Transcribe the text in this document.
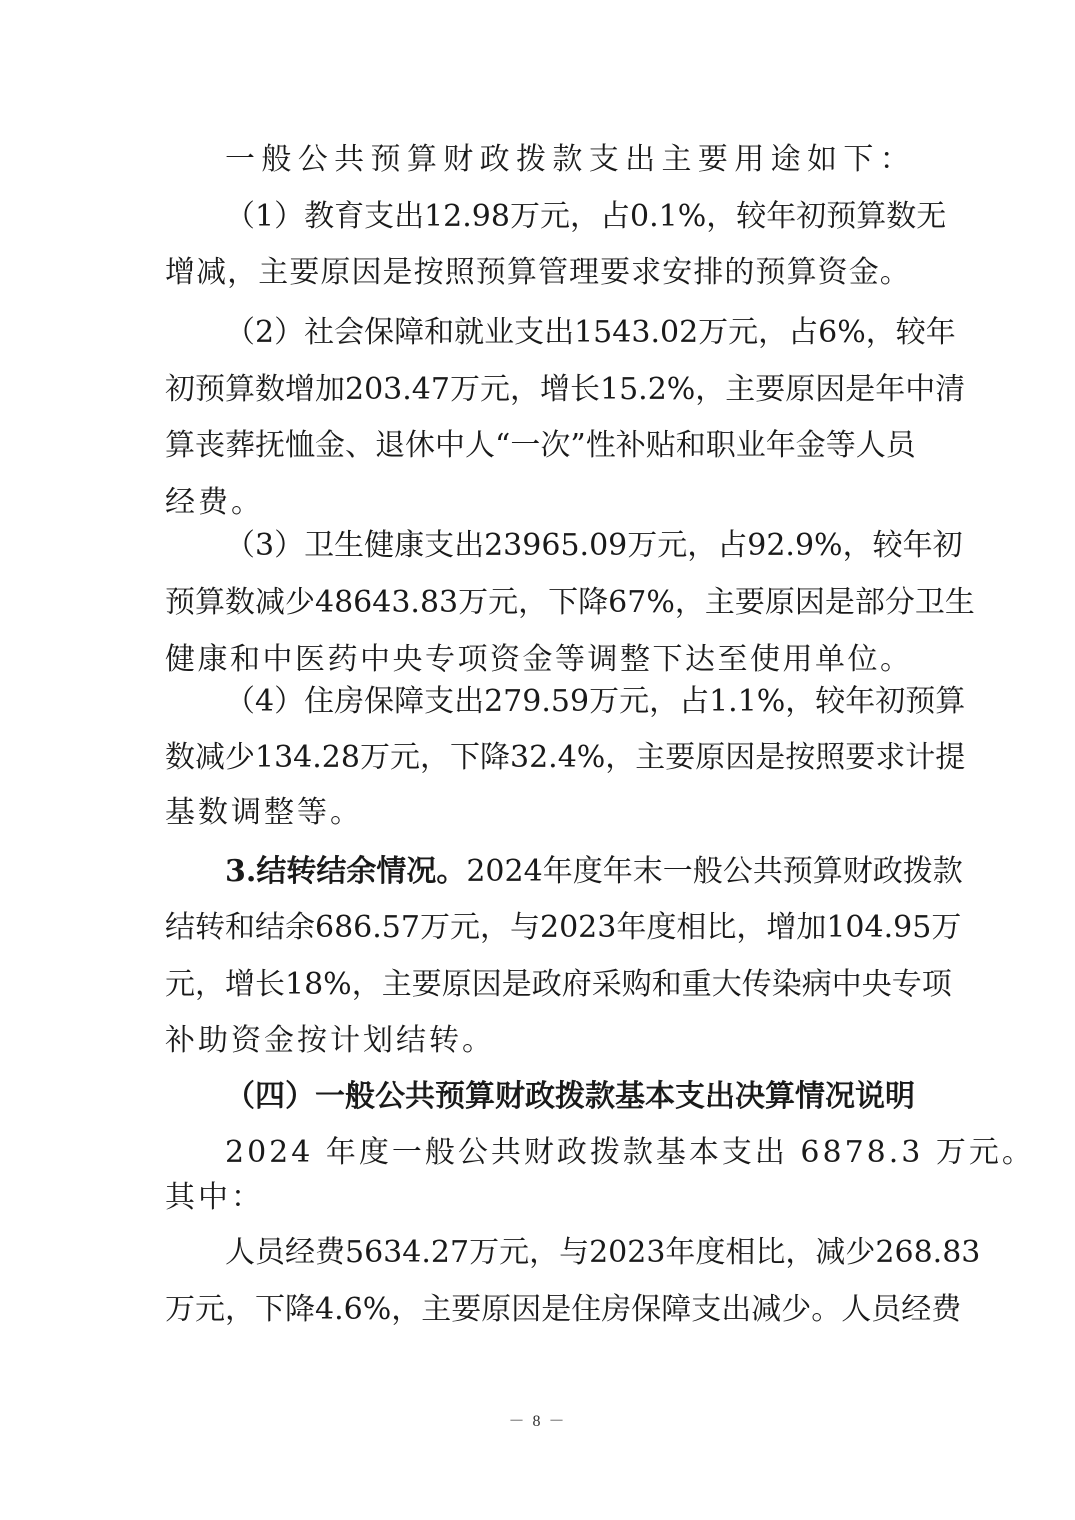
一 般 公 共 预 算 财 政 拨 款 支 出 主 要 用 途 如 下 ：
（ 1 ） 教 育 支 出 12.98 万 元 ， 占 0.1% ， 较 年 初 预 算 数 无
增 减 ， 主 要 原 因 是 按 照 预 算 管 理 要 求 安 排 的 预 算 资 金 。
（ 2 ） 社 会 保 障 和 就 业 支 出 1543.02 万 元 ， 占 6% ， 较 年
初 预 算 数 增 加 203.47 万 元 ， 增 长 15.2% ， 主 要 原 因 是 年 中 清
算 丧 葬 抚 恤 金 、 退 休 中 人 “ 一 次 ” 性 补 贴 和 职 业 年 金 等 人 员
经费。
（ 3 ） 卫 生 健 康 支 出 23965.09 万 元 ， 占 92.9% ， 较 年 初
预 算 数 减 少 48643.83 万 元 ， 下 降 67% ， 主 要 原 因 是 部 分 卫 生
健 康 和 中 医 药 中 央 专 项 资 金 等 调 整 下 达 至 使 用 单 位 。
（ 4 ） 住 房 保 障 支 出 279.59 万 元 ， 占 1.1% ， 较 年 初 预 算
数 减 少 134.28 万 元 ， 下 降 32.4% ， 主 要 原 因 是 按 照 要 求 计 提
基数调整等。
3. 结 转 结 余 情 况 。 2024 年 度 年 末 一 般 公 共 预 算 财 政 拨 款
结 转 和 结 余 686.57 万 元 ， 与 2023 年 度 相 比 ， 增 加 104.95 万
元 ， 增 长 18% ， 主 要 原 因 是 政 府 采 购 和 重 大 传 染 病 中 央 专 项
补助资金按计划结转。
（ 四 ） 一 般 公 共 预 算 财 政 拨 款 基 本 支 出 决 算 情 况 说 明
2024 年度一般公共财政拨款基本支出 6878.3 万元。
其中：
人 员 经 费 5634.27 万 元 ， 与 2023 年 度 相 比 ， 减 少 268.83
万 元 ， 下 降 4.6% ， 主 要 原 因 是 住 房 保 障 支 出 减 少 。 人 员 经 费
－ 8 －
